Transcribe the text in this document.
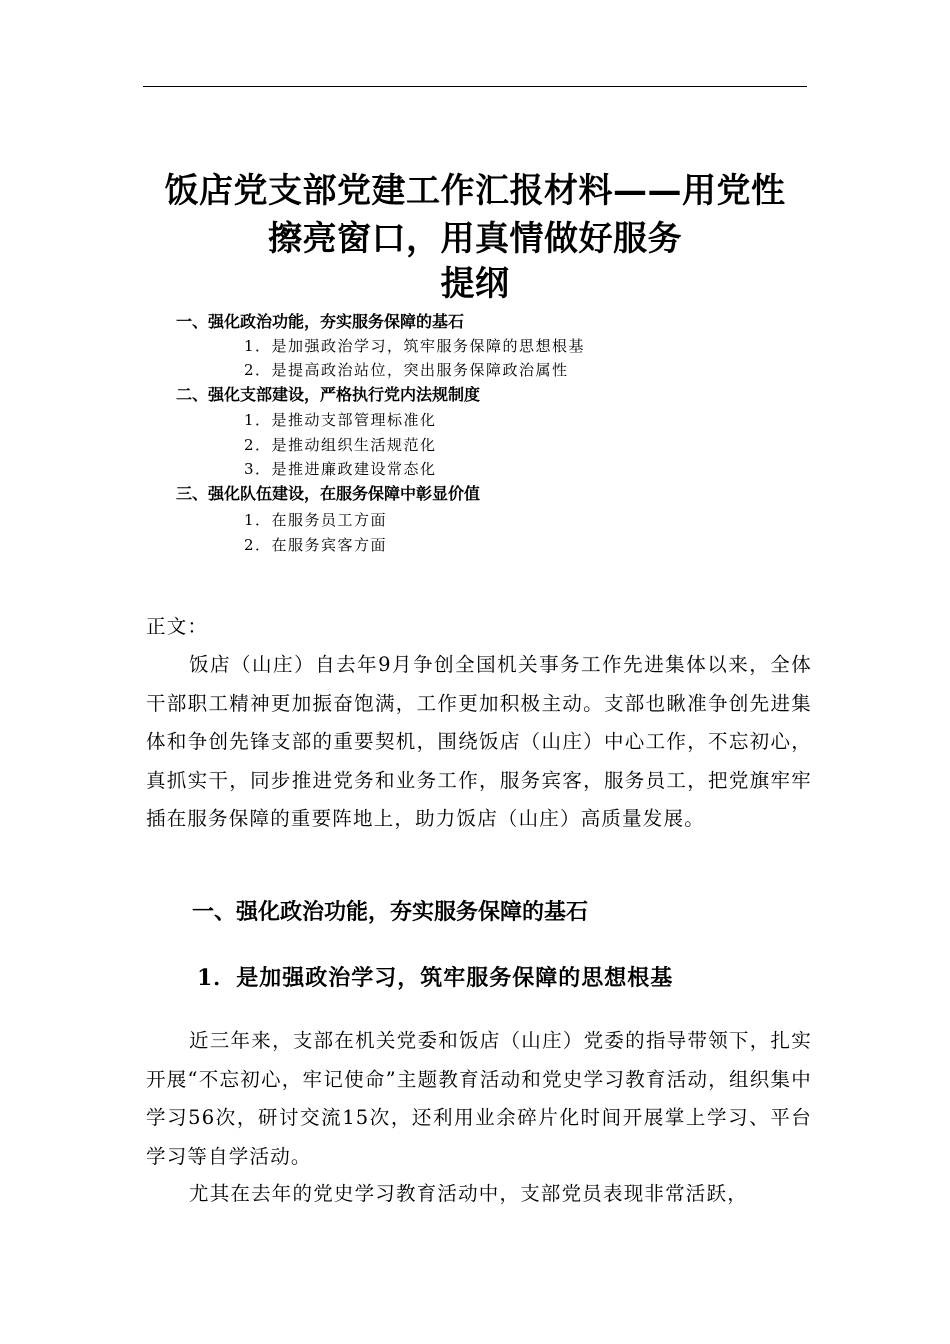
饭店党支部党建工作汇报材料——用党性
擦亮窗口，用真情做好服务
提纲
一、强化政治功能，夯实服务保障的基石
1．是加强政治学习，筑牢服务保障的思想根基
2．是提高政治站位，突出服务保障政治属性
二、强化支部建设，严格执行党内法规制度
1．是推动支部管理标准化
2．是推动组织生活规范化
3．是推进廉政建设常态化
三、强化队伍建设，在服务保障中彰显价值
1．在服务员工方面
2．在服务宾客方面
正文：
饭店（山庄）自去年9月争创全国机关事务工作先进集体以来，全体干部职工精神更加振奋饱满，工作更加积极主动。支部也瞅准争创先进集体和争创先锋支部的重要契机，围绕饭店（山庄）中心工作，不忘初心，真抓实干，同步推进党务和业务工作，服务宾客，服务员工，把党旗牢牢插在服务保障的重要阵地上，助力饭店（山庄）高质量发展。
一、强化政治功能，夯实服务保障的基石
1．是加强政治学习，筑牢服务保障的思想根基
近三年来，支部在机关党委和饭店（山庄）党委的指导带领下，扎实开展“不忘初心，牢记使命”主题教育活动和党史学习教育活动，组织集中学习56次，研讨交流15次，还利用业余碎片化时间开展掌上学习、平台学习等自学活动。
尤其在去年的党史学习教育活动中，支部党员表现非常活跃，
